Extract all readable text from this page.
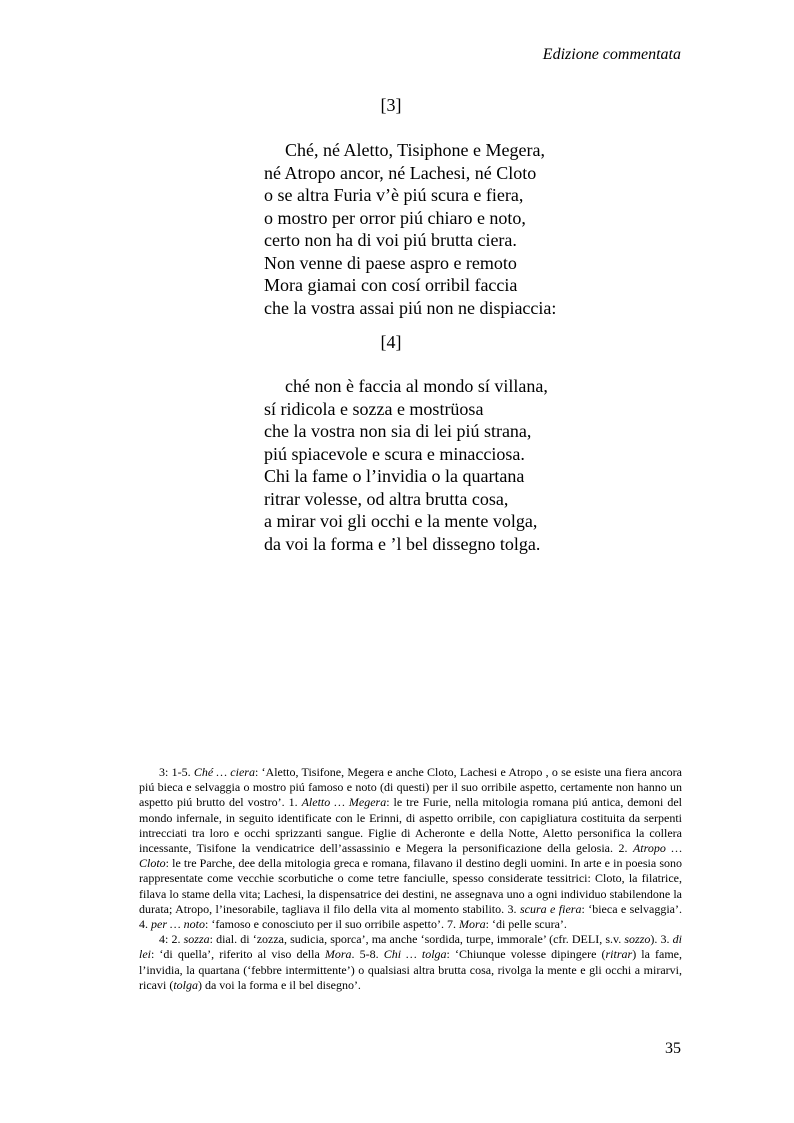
Edizione commentata
[3]
Ché, né Aletto, Tisiphone e Megera,
né Atropo ancor, né Lachesi, né Cloto
o se altra Furia v’è piú scura e fiera,
o mostro per orror piú chiaro e noto,
certo non ha di voi piú brutta ciera.
Non venne di paese aspro e remoto
Mora giamai con cosí orribil faccia
che la vostra assai piú non ne dispiaccia:
[4]
ché non è faccia al mondo sí villana,
sí ridicola e sozza e mostrüosa
che la vostra non sia di lei piú strana,
piú spiacevole e scura e minacciosa.
Chi la fame o l’invidia o la quartana
ritrar volesse, od altra brutta cosa,
a mirar voi gli occhi e la mente volga,
da voi la forma e ’l bel dissegno tolga.

3: 1-5. Ché … ciera: ‘Aletto, Tisifone, Megera e anche Cloto, Lachesi e Atropo , o se esiste una fiera ancora piú bieca e selvaggia o mostro piú famoso e noto (di questi) per il suo orribile aspetto, certamente non hanno un aspetto piú brutto del vostro’. 1. Aletto … Megera: le tre Furie, nella mitologia romana piú antica, demoni del mondo infernale, in seguito identificate con le Erinni, di aspetto orribile, con capigliatura costituita da serpenti intrecciati tra loro e occhi sprizzanti sangue. Figlie di Acheronte e della Notte, Aletto personifica la collera incessante, Tisifone la vendicatrice dell’assassinio e Megera la personificazione della gelosia. 2. Atropo … Cloto: le tre Parche, dee della mitologia greca e romana, filavano il destino degli uomini. In arte e in poesia sono rappresentate come vecchie scorbutiche o come tetre fanciulle, spesso considerate tessitrici: Cloto, la filatrice, filava lo stame della vita; Lachesi, la dispensatrice dei destini, ne assegnava uno a ogni individuo stabilendone la durata; Atropo, l’inesorabile, tagliava il filo della vita al momento stabilito. 3. scura e fiera: ‘bieca e selvaggia’. 4. per … noto: ‘famoso e conosciuto per il suo orribile aspetto’. 7. Mora: ‘di pelle scura’.

4: 2. sozza: dial. di ‘zozza, sudicia, sporca’, ma anche ‘sordida, turpe, immorale’ (cfr. DELI, s.v. sozzo). 3. di lei: ‘di quella’, riferito al viso della Mora. 5-8. Chi … tolga: ‘Chiunque volesse dipingere (ritrar) la fame, l’invidia, la quartana (‘febbre intermittente’) o qualsiasi altra brutta cosa, rivolga la mente e gli occhi a mirarvi, ricavi (tolga) da voi la forma e il bel disegno’.

35
